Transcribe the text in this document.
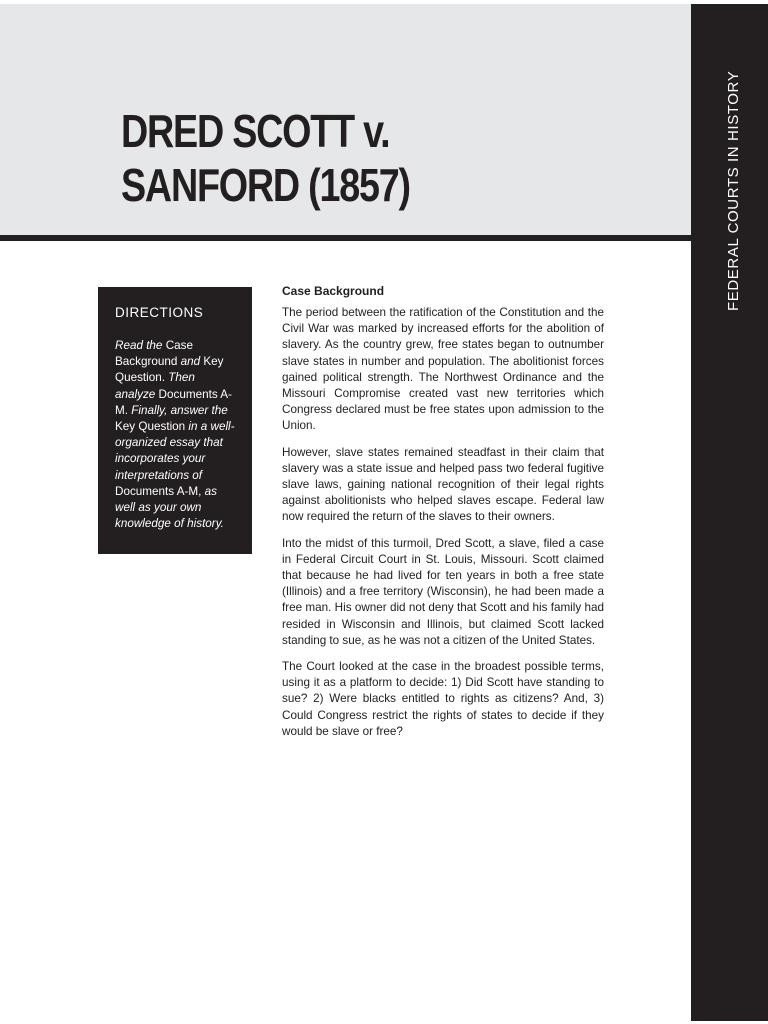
DRED SCOTT v.
SANFORD (1857)	FEDERAL COURTS IN HISTORY
DIRECTIONS

Read the Case Background and Key Question. Then analyze Documents A-M. Finally, answer the Key Question in a well-organized essay that incorporates your interpretations of Documents A-M, as well as your own knowledge of history.

Case Background

The period between the ratification of the Constitution and the Civil War was marked by increased efforts for the abolition of slavery. As the country grew, free states began to outnumber slave states in number and population. The abolitionist forces gained political strength. The Northwest Ordinance and the Missouri Compromise created vast new territories which Congress declared must be free states upon admission to the Union.

However, slave states remained steadfast in their claim that slavery was a state issue and helped pass two federal fugitive slave laws, gaining national recognition of their legal rights against abolitionists who helped slaves escape. Federal law now required the return of the slaves to their owners.

Into the midst of this turmoil, Dred Scott, a slave, filed a case in Federal Circuit Court in St. Louis, Missouri. Scott claimed that because he had lived for ten years in both a free state (Illinois) and a free territory (Wisconsin), he had been made a free man. His owner did not deny that Scott and his family had resided in Wisconsin and Illinois, but claimed Scott lacked standing to sue, as he was not a citizen of the United States.

The Court looked at the case in the broadest possible terms, using it as a platform to decide: 1) Did Scott have standing to sue? 2) Were blacks entitled to rights as citizens? And, 3) Could Congress restrict the rights of states to decide if they would be slave or free?
